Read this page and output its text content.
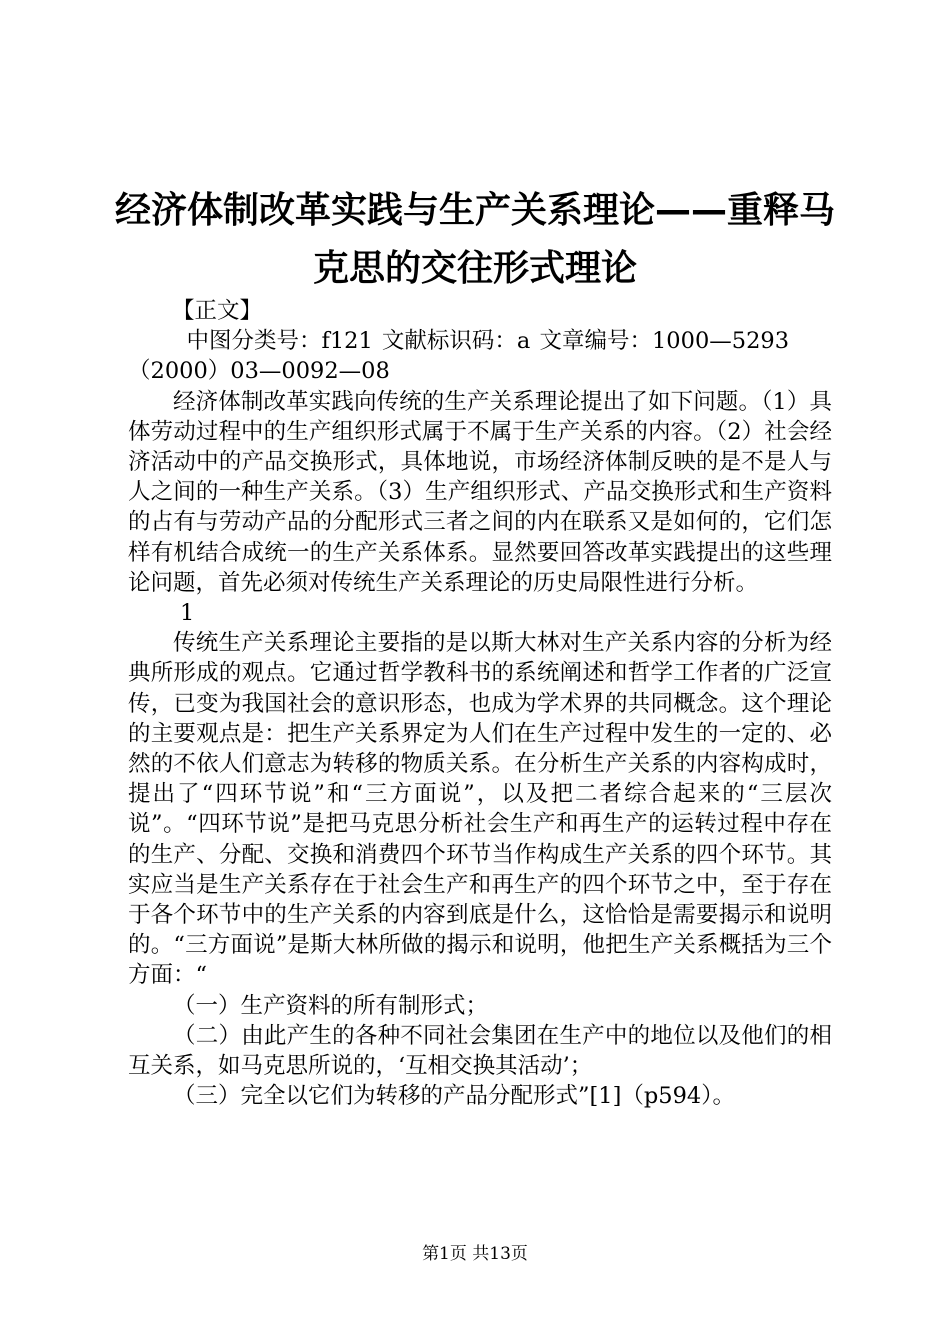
经济体制改革实践与生产关系理论——重释马
克思的交往形式理论

【正文】

中图分类号：f121 文献标识码：a 文章编号：1000—5293（2000）03—0092—08

经济体制改革实践向传统的生产关系理论提出了如下问题。（1）具体劳动过程中的生产组织形式属于不属于生产关系的内容。（2）社会经济活动中的产品交换形式，具体地说，市场经济体制反映的是不是人与人之间的一种生产关系。（3）生产组织形式、产品交换形式和生产资料的占有与劳动产品的分配形式三者之间的内在联系又是如何的，它们怎样有机结合成统一的生产关系体系。显然要回答改革实践提出的这些理论问题，首先必须对传统生产关系理论的历史局限性进行分析。

1

传统生产关系理论主要指的是以斯大林对生产关系内容的分析为经典所形成的观点。它通过哲学教科书的系统阐述和哲学工作者的广泛宣传，已变为我国社会的意识形态，也成为学术界的共同概念。这个理论的主要观点是：把生产关系界定为人们在生产过程中发生的一定的、必然的不依人们意志为转移的物质关系。在分析生产关系的内容构成时，提出了“四环节说”和“三方面说”，以及把二者综合起来的“三层次说”。“四环节说”是把马克思分析社会生产和再生产的运转过程中存在的生产、分配、交换和消费四个环节当作构成生产关系的四个环节。其实应当是生产关系存在于社会生产和再生产的四个环节之中，至于存在于各个环节中的生产关系的内容到底是什么，这恰恰是需要揭示和说明的。“三方面说”是斯大林所做的揭示和说明，他把生产关系概括为三个方面：“

（一）生产资料的所有制形式；

（二）由此产生的各种不同社会集团在生产中的地位以及他们的相互关系，如马克思所说的，‘互相交换其活动’；

（三）完全以它们为转移的产品分配形式”[1]（p594）。

第1页 共13页
